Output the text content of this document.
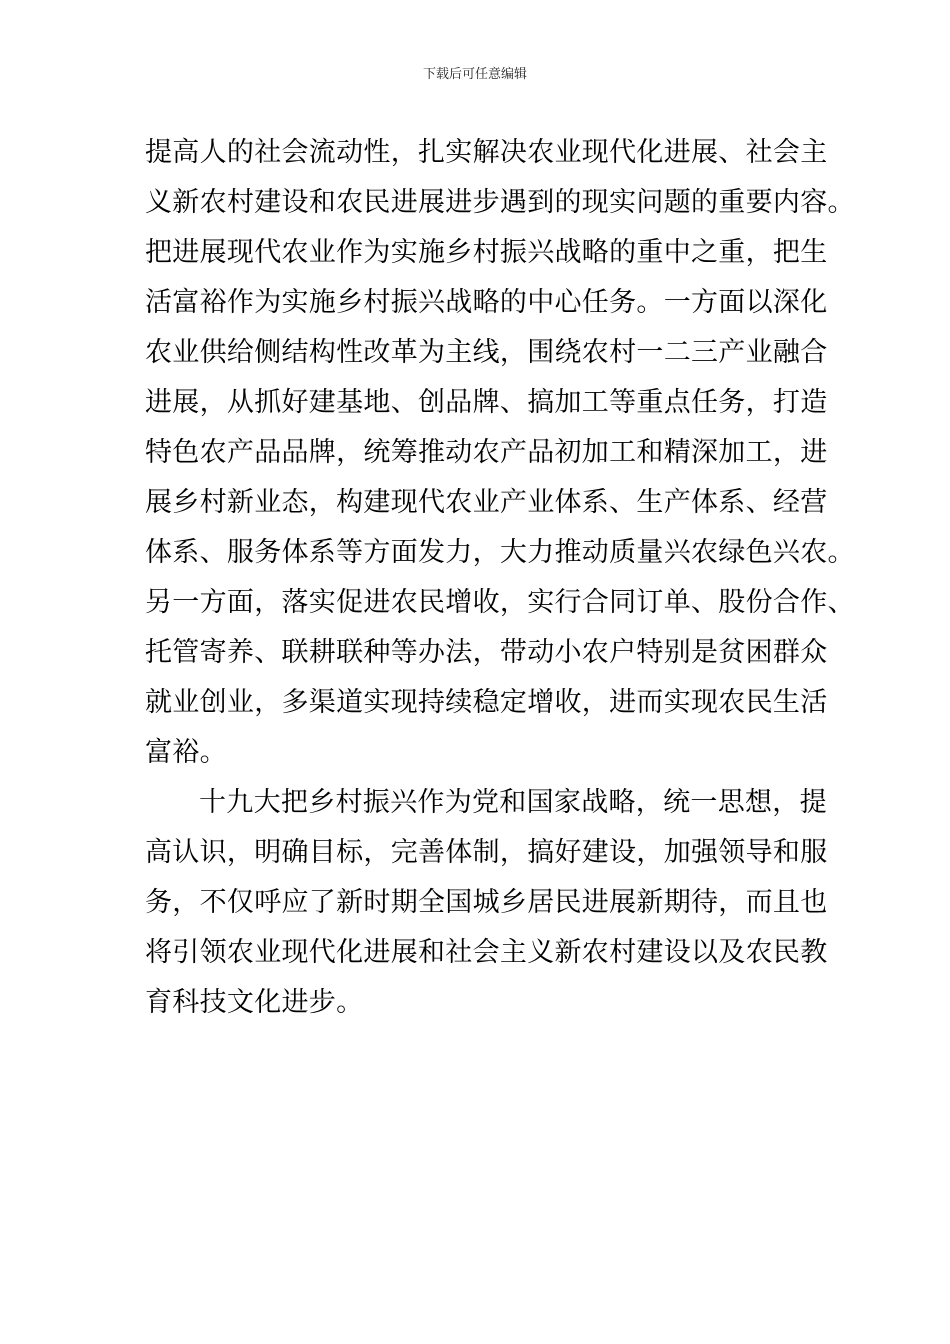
下载后可任意编辑
提高人的社会流动性，扎实解决农业现代化进展、社会主
义新农村建设和农民进展进步遇到的现实问题的重要内容。
把进展现代农业作为实施乡村振兴战略的重中之重，把生
活富裕作为实施乡村振兴战略的中心任务。一方面以深化
农业供给侧结构性改革为主线，围绕农村一二三产业融合
进展，从抓好建基地、创品牌、搞加工等重点任务，打造
特色农产品品牌，统筹推动农产品初加工和精深加工，进
展乡村新业态，构建现代农业产业体系、生产体系、经营
体系、服务体系等方面发力，大力推动质量兴农绿色兴农。
另一方面，落实促进农民增收，实行合同订单、股份合作、
托管寄养、联耕联种等办法，带动小农户特别是贫困群众
就业创业，多渠道实现持续稳定增收，进而实现农民生活
富裕。
十九大把乡村振兴作为党和国家战略，统一思想，提
高认识，明确目标，完善体制，搞好建设，加强领导和服
务，不仅呼应了新时期全国城乡居民进展新期待，而且也
将引领农业现代化进展和社会主义新农村建设以及农民教
育科技文化进步。
